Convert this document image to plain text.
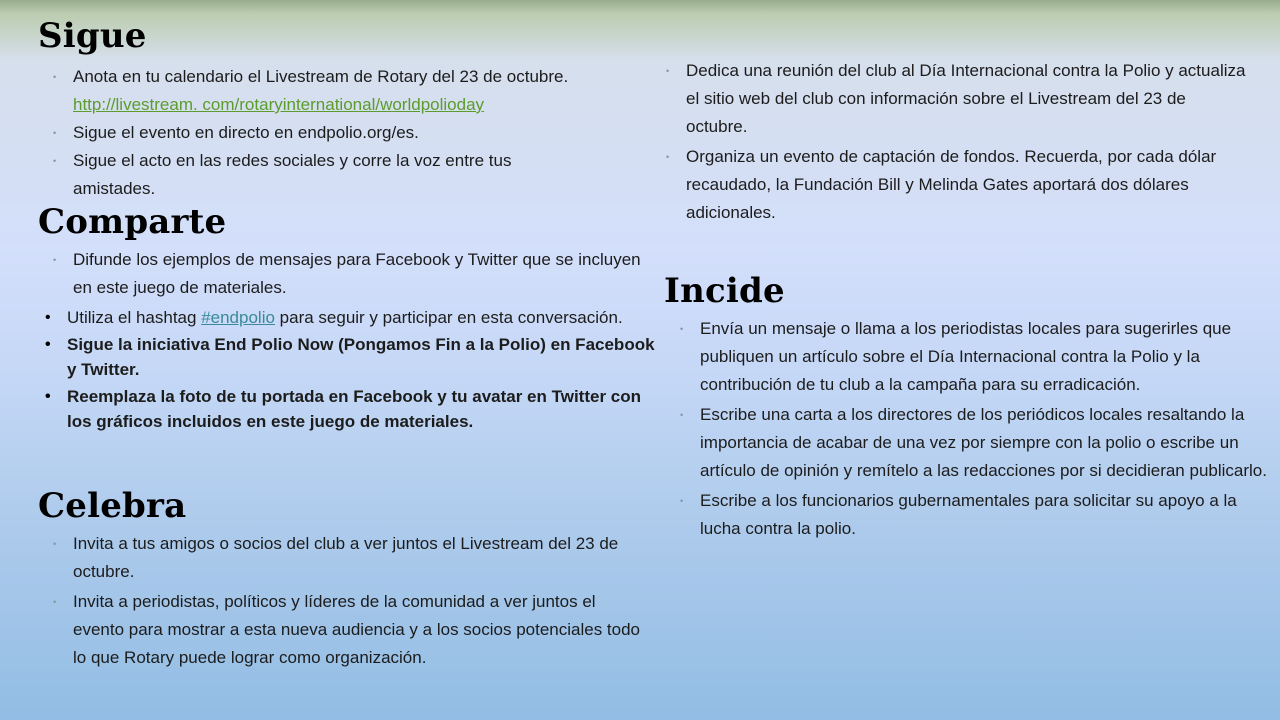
Sigue
• Anota en tu calendario el Livestream de Rotary del 23 de octubre.
http://livestream. com/rotaryinternational/worldpolioday
• Sigue el evento en directo en endpolio.org/es.
• Sigue el acto en las redes sociales y corre la voz entre tus amistades.
Comparte
• Difunde los ejemplos de mensajes para Facebook y Twitter que se incluyen en este juego de materiales.
• Utiliza el hashtag #endpolio para seguir y participar en esta conversación.
• Sigue la iniciativa End Polio Now (Pongamos Fin a la Polio) en Facebook y Twitter.
• Reemplaza la foto de tu portada en Facebook y tu avatar en Twitter con los gráficos incluidos en este juego de materiales.
Celebra
• Invita a tus amigos o socios del club a ver juntos el Livestream del 23 de octubre.
• Invita a periodistas, políticos y líderes de la comunidad a ver juntos el evento para mostrar a esta nueva audiencia y a los socios potenciales todo lo que Rotary puede lograr como organización.
• Dedica una reunión del club al Día Internacional contra la Polio y actualiza el sitio web del club con información sobre el Livestream del 23 de octubre.
• Organiza un evento de captación de fondos. Recuerda, por cada dólar recaudado, la Fundación Bill y Melinda Gates aportará dos dólares adicionales.
Incide
• Envía un mensaje o llama a los periodistas locales para sugerirles que publiquen un artículo sobre el Día Internacional contra la Polio y la contribución de tu club a la campaña para su erradicación.
• Escribe una carta a los directores de los periódicos locales resaltando la importancia de acabar de una vez por siempre con la polio o escribe un artículo de opinión y remítelo a las redacciones por si decidieran publicarlo.
• Escribe a los funcionarios gubernamentales para solicitar su apoyo a la lucha contra la polio.
